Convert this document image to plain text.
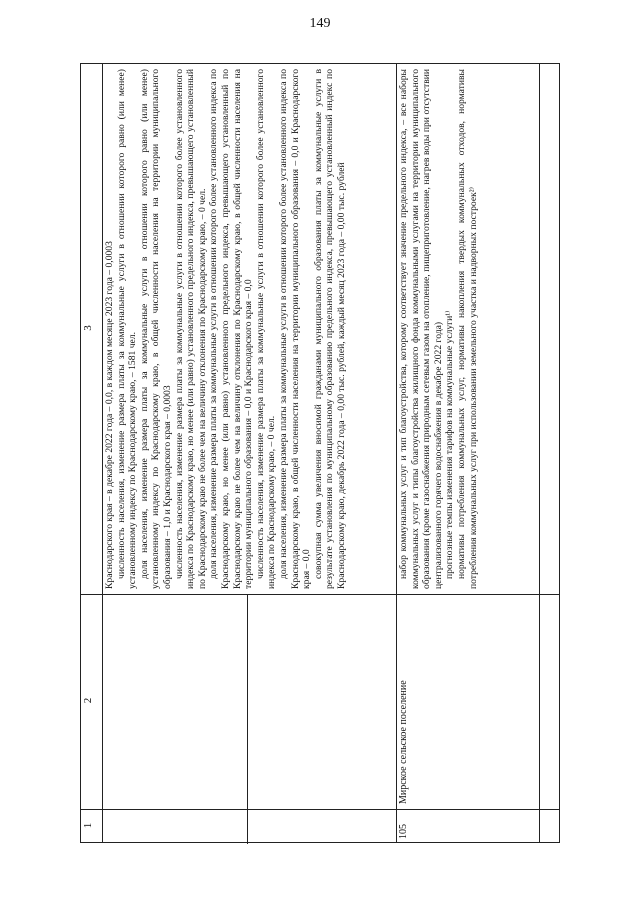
149
1
2
3	Краснодарского края – в декабре 2022 года – 0,0, в каждом месяце 2023 года – 0,0003 численность населения, изменение размера платы за коммунальные услуги в отношении которого равно (или менее) установленному индексу по Краснодарскому краю, – 1581 чел. доля населения, изменение размера платы за коммунальные услуги в отношении которого равно (или менее) установленному индексу по Краснодарскому краю, в общей численности населения на территории муниципального образования – 1,0 и Краснодарского края – 0,0003 численность населения, изменение размера платы за коммунальные услуги в отношении которого более установленного индекса по Краснодарскому краю, но менее (или равно) установленного предельного индекса, превышающего установленный по Краснодарскому краю не более чем на величину отклонения по Краснодарскому краю, – 0 чел. доля населения, изменение размера платы за коммунальные услуги в отношении которого более установленного индекса по Краснодарскому краю, но менее (или равно) установленного предельного индекса, превышающего установленный по Краснодарскому краю не более чем на величину отклонения по Краснодарскому краю, в общей численности населения на территории муниципального образования – 0,0 и Краснодарского края – 0,0 численность населения, изменение размера платы за коммунальные услуги в отношении которого более установленного индекса по Краснодарскому краю, – 0 чел. доля населения, изменение размера платы за коммунальные услуги в отношении которого более установленного индекса по Краснодарскому краю, в общей численности населения на территории муниципального образования – 0,0 и Краснодарского края – 0,0 совокупная сумма увеличения вносимой гражданами муниципального образования платы за коммунальные услуги в результате установления по муниципальному образованию предельного индекса, превышающего установленный индекс по Краснодарскому краю, декабрь 2022 года – 0,00 тыс. рублей, каждый месяц 2023 года – 0,00 тыс. рублей

105
Мирское сельское поселение

набор коммунальных услуг и тип благоустройства, которому соответствует значение предельного индекса, – все наборы коммунальных услуг и типы благоустройства жилищного фонда коммунальными услугами на территории муниципального образования (кроме газоснабжения природным сетевым газом на отопление, пищеприготовление, нагрев воды при отсутствии централизованного горячего водоснабжения в декабре 2022 года) прогнозные темпы изменения тарифов на коммунальные услуги¹⁾ нормативы потребления коммунальных услуг, нормативы накопления твердых коммунальных отходов, нормативы потребления коммунальных услуг при использовании земельного участка и надворных построек²⁾
